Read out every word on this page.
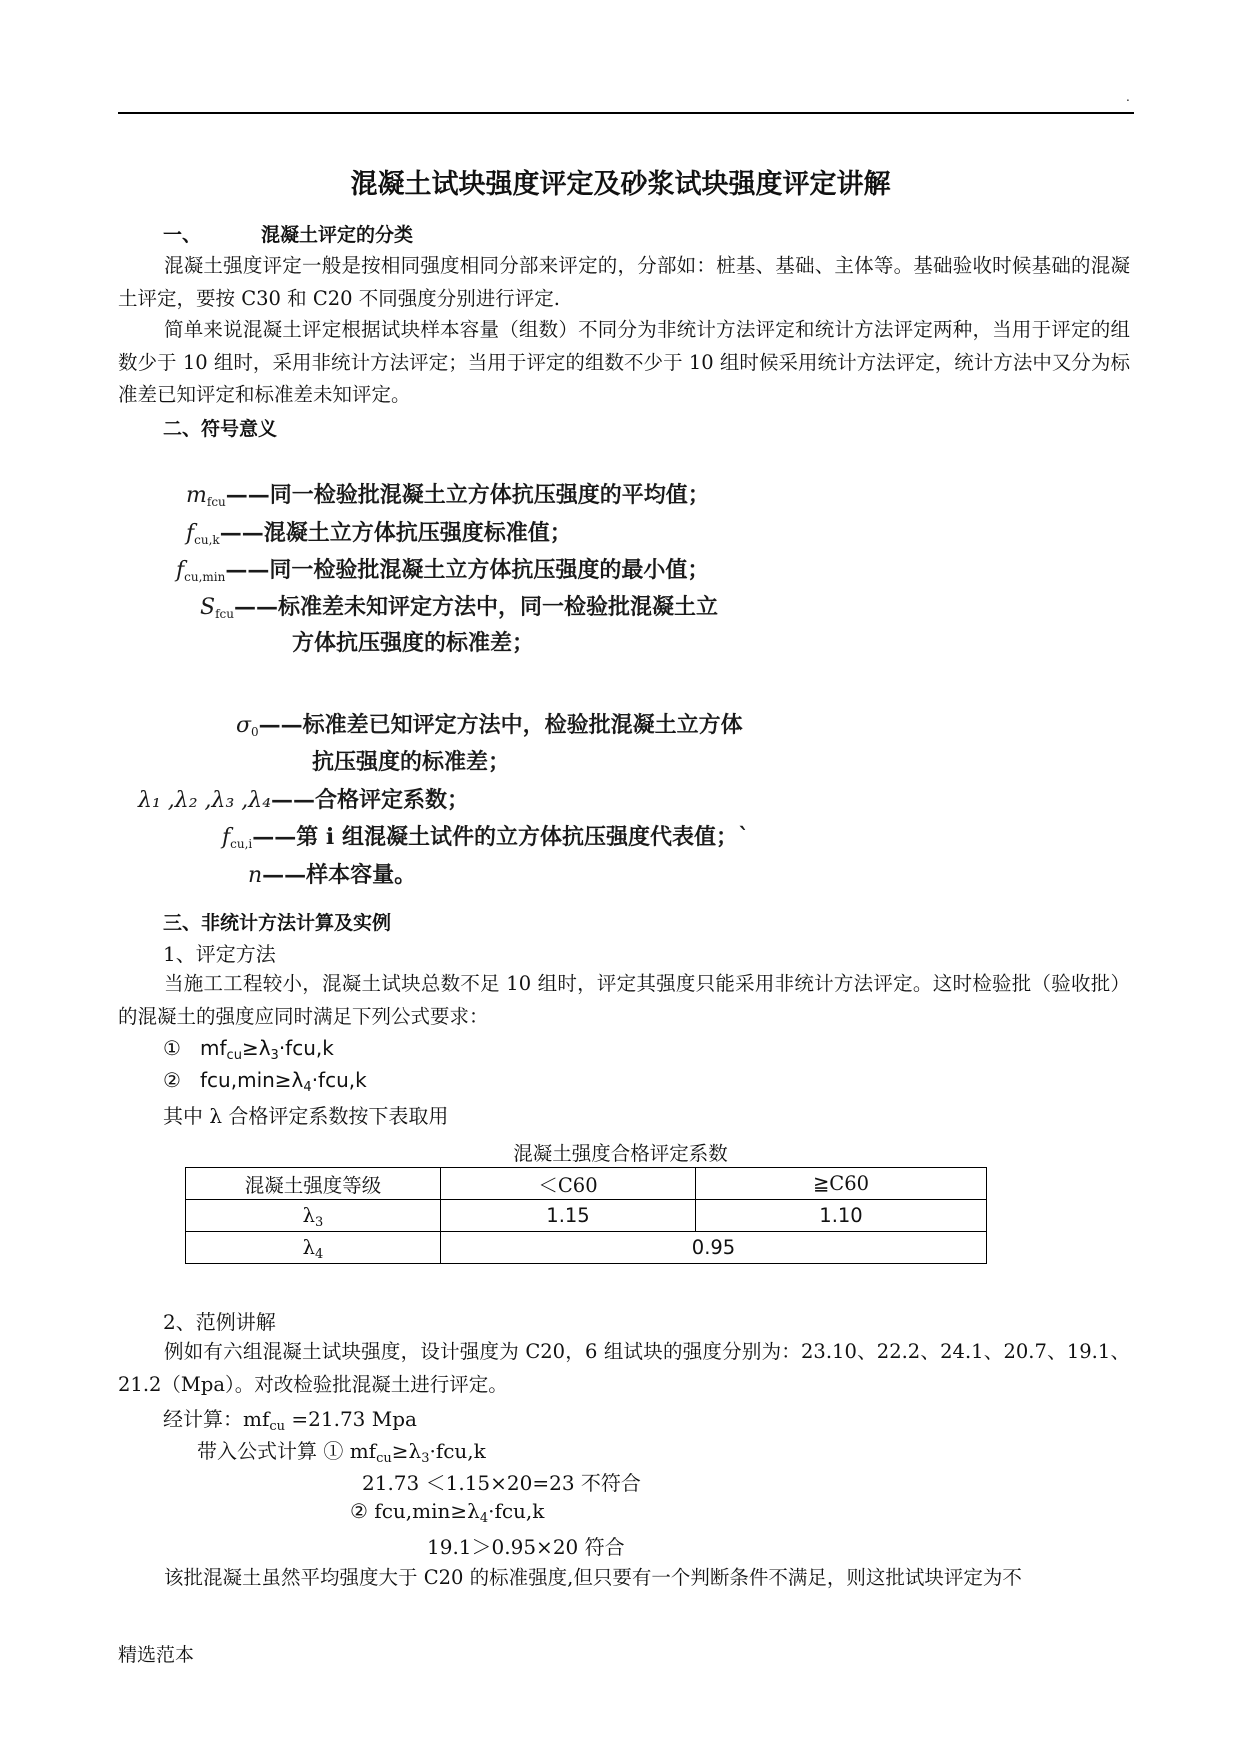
.
混凝土试块强度评定及砂浆试块强度评定讲解
一、	混凝土评定的分类

混凝土强度评定一般是按相同强度相同分部来评定的，分部如：桩基、基础、主体等。基础验收时候基础的混凝土评定，要按 C30 和 C20 不同强度分别进行评定.

简单来说混凝土评定根据试块样本容量（组数）不同分为非统计方法评定和统计方法评定两种，当用于评定的组数少于 10 组时，采用非统计方法评定；当用于评定的组数不少于 10 组时候采用统计方法评定，统计方法中又分为标准差已知评定和标准差未知评定。

二、符号意义
$m_{fcu}——$同一检验批混凝土立方体抗压强度的平均值；
$f_{cu,k}——$混凝土立方体抗压强度标准值；
$f_{cu,min}——$同一检验批混凝土立方体抗压强度的最小值；
$S_{fcu}——$标准差未知评定方法中，同一检验批混凝土立
方体抗压强度的标准差；
$\sigma_0——$标准差已知评定方法中，检验批混凝土立方体
抗压强度的标准差；
λ₁ ,λ₂ ,λ₃ ,λ₄——合格评定系数；
$f_{cu,i}——$第 i 组混凝土试件的立方体抗压强度代表值；`
n——样本容量。
三、非统计方法计算及实例
1、评定方法

当施工工程较小，混凝土试块总数不足 10 组时，评定其强度只能采用非统计方法评定。这时检验批（验收批）的混凝土的强度应同时满足下列公式要求：

① $mf_{cu}\ge\lambda_3\cdot fcu,k$
② $fcu,\min\ge\lambda_4\cdot fcu,k$
其中 λ 合格评定系数按下表取用
混凝土强度合格评定系数
混凝土强度等级	＜C60	≧C60
$\lambda_3$	1.15	1.10
$\lambda_4$	0.95	
2、范例讲解

例如有六组混凝土试块强度，设计强度为 C20，6 组试块的强度分别为：23.10、22.2、24.1、20.7、19.1、21.2（Mpa）。对改检验批混凝土进行评定。

经计算：$mf_{cu} =21.73$ Mpa
带入公式计算 ① $mf_{cu}\ge\lambda_3\cdot fcu,k$
21.73 ＜1.15×20=23 不符合
② $fcu,\min\ge\lambda_4\cdot fcu,k$
19.1＞0.95×20 符合

该批混凝土虽然平均强度大于 C20 的标准强度,但只要有一个判断条件不满足，则这批试块评定为不

精选范本
